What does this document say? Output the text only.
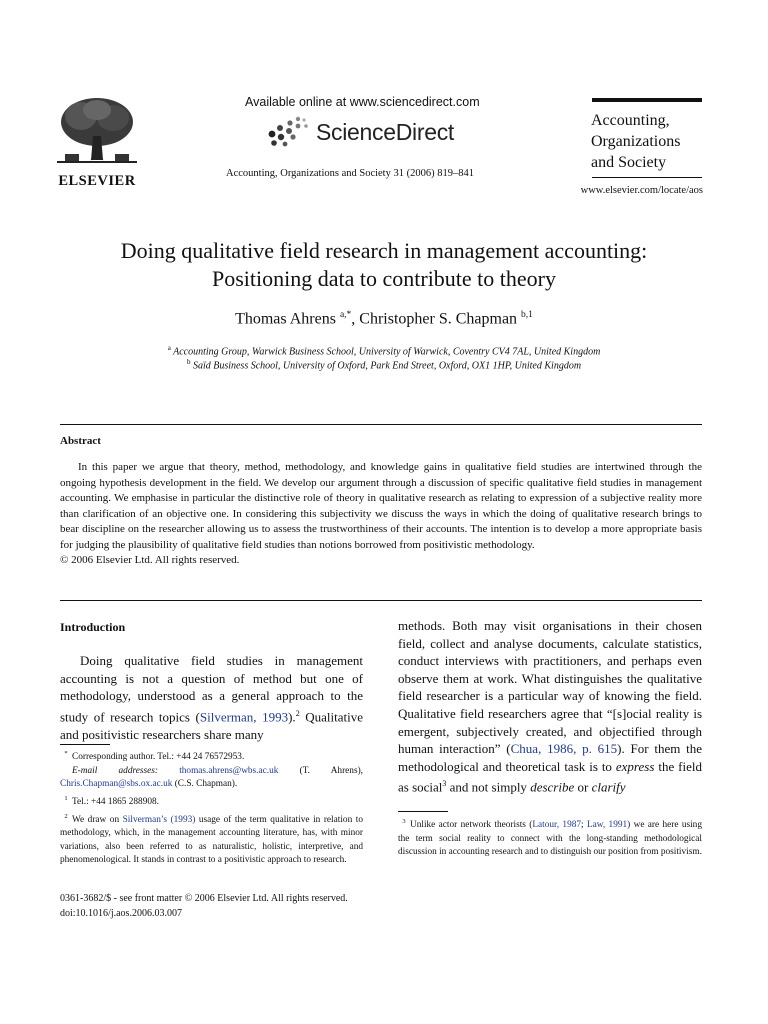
ELSEVIER
Available online at www.sciencedirect.com
ScienceDirect
Accounting, Organizations and Society 31 (2006) 819–841
Accounting,
Organizations
and Society
www.elsevier.com/locate/aos
Doing qualitative field research in management accounting:
Positioning data to contribute to theory
Thomas Ahrens $^{a,*}$, Christopher S. Chapman $^{b,1}$
$^a$ Accounting Group, Warwick Business School, University of Warwick, Coventry CV4 7AL, United Kingdom
$^b$ Saïd Business School, University of Oxford, Park End Street, Oxford, OX1 1HP, United Kingdom
Abstract
In this paper we argue that theory, method, methodology, and knowledge gains in qualitative field studies are intertwined through the ongoing hypothesis development in the field. We develop our argument through a discussion of specific qualitative field studies in management accounting. We emphasise in particular the distinctive role of theory in qualitative research as relating to expression of a subjective reality more than clarification of an objective one. In considering this subjectivity we discuss the ways in which the doing of qualitative research brings to bear discipline on the researcher allowing us to assess the trustworthiness of their accounts. The intention is to develop a more appropriate basis for judging the plausibility of qualitative field studies than notions borrowed from positivistic methodology.
© 2006 Elsevier Ltd. All rights reserved.
Introduction
Doing qualitative field studies in management accounting is not a question of method but one of methodology, understood as a general approach to the study of research topics (Silverman, 1993).$^2$ Qualitative and positivistic researchers share many
* Corresponding author. Tel.: +44 24 76572953.
E-mail addresses: thomas.ahrens@wbs.ac.uk (T. Ahrens), Chris.Chapman@sbs.ox.ac.uk (C.S. Chapman).
$^1$ Tel.: +44 1865 288908.
$^2$ We draw on Silverman’s (1993) usage of the term qualitative in relation to methodology, which, in the management accounting literature, has, with minor variations, also been referred to as naturalistic, holistic, interpretive, and phenomenological. It stands in contrast to a positivistic approach to research.
methods. Both may visit organisations in their chosen field, collect and analyse documents, calculate statistics, conduct interviews with practitioners, and perhaps even observe them at work. What distinguishes the qualitative field researcher is a particular way of knowing the field. Qualitative field researchers agree that “[s]ocial reality is emergent, subjectively created, and objectified through human interaction” (Chua, 1986, p. 615). For them the methodological and theoretical task is to express the field as social$^3$ and not simply describe or clarify
$^3$ Unlike actor network theorists (Latour, 1987; Law, 1991) we are here using the term social reality to connect with the long-standing methodological discussion in accounting research and to distinguish our position from positivism.
0361-3682/$ - see front matter © 2006 Elsevier Ltd. All rights reserved.
doi:10.1016/j.aos.2006.03.007
